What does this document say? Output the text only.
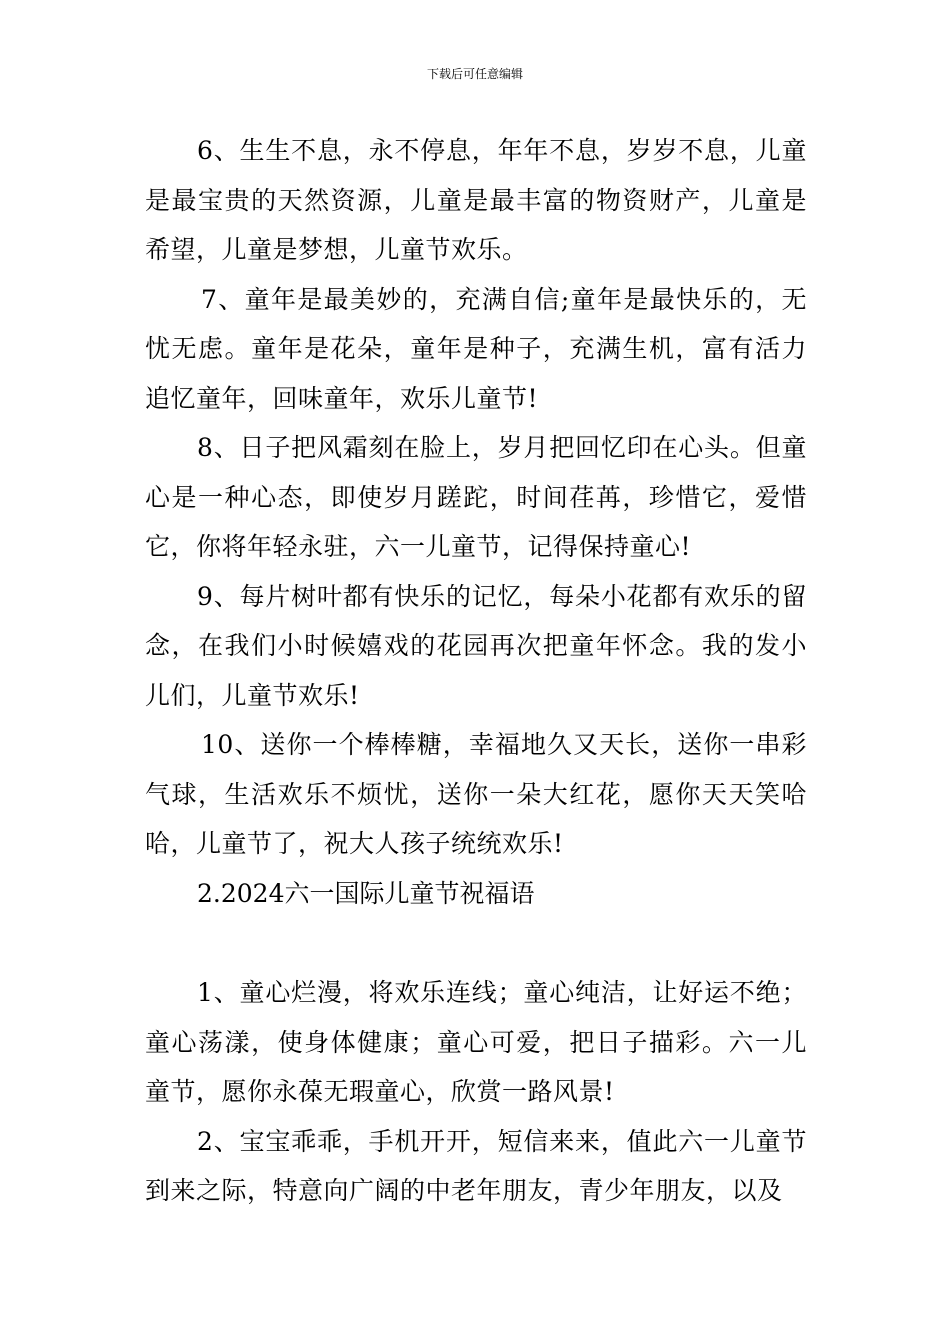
下载后可任意编辑

6、生生不息，永不停息，年年不息，岁岁不息，儿童是最宝贵的天然资源，儿童是最丰富的物资财产，儿童是希望，儿童是梦想，儿童节欢乐。

7、童年是最美妙的，充满自信;童年是最快乐的，无忧无虑。童年是花朵，童年是种子，充满生机，富有活力追忆童年，回味童年，欢乐儿童节!

8、日子把风霜刻在脸上，岁月把回忆印在心头。但童心是一种心态，即使岁月蹉跎，时间荏苒，珍惜它，爱惜它，你将年轻永驻，六一儿童节，记得保持童心!

9、每片树叶都有快乐的记忆，每朵小花都有欢乐的留念，在我们小时候嬉戏的花园再次把童年怀念。我的发小儿们，儿童节欢乐!

10、送你一个棒棒糖，幸福地久又天长，送你一串彩气球，生活欢乐不烦忧，送你一朵大红花，愿你天天笑哈哈，儿童节了，祝大人孩子统统欢乐!

2.2024六一国际儿童节祝福语

1、童心烂漫，将欢乐连线；童心纯洁，让好运不绝；童心荡漾，使身体健康；童心可爱，把日子描彩。六一儿童节，愿你永葆无瑕童心，欣赏一路风景!

2、宝宝乖乖，手机开开，短信来来，值此六一儿童节到来之际，特意向广阔的中老年朋友，青少年朋友，以及
